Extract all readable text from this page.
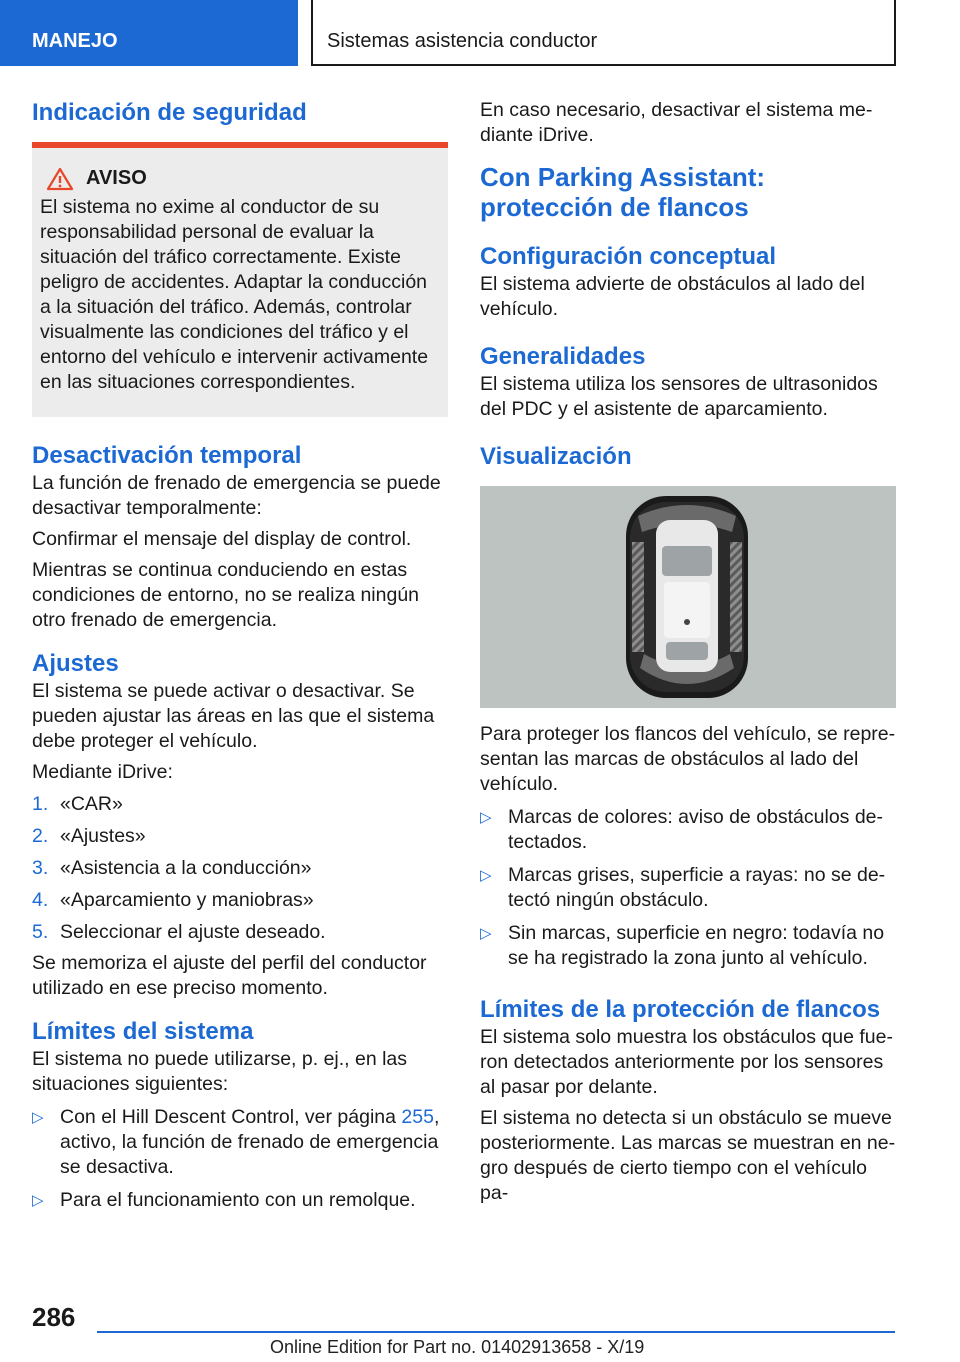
MANEJO	Sistemas asistencia conductor
Indicación de seguridad
AVISO

El sistema no exime al conductor de su responsabilidad personal de evaluar la situación del tráfico correctamente. Existe peligro de accidentes. Adaptar la conducción a la situación del tráfico. Además, controlar visualmente las condiciones del tráfico y el entorno del vehículo e intervenir activamente en las situaciones correspondientes.

Desactivación temporal

La función de frenado de emergencia se puede desactivar temporalmente:

Confirmar el mensaje del display de control.

Mientras se continua conduciendo en estas condiciones de entorno, no se realiza ningún otro frenado de emergencia.

Ajustes

El sistema se puede activar o desactivar. Se pueden ajustar las áreas en las que el sistema debe proteger el vehículo.

Mediante iDrive:

1. «CAR»
2. «Ajustes»
3. «Asistencia a la conducción»
4. «Aparcamiento y maniobras»
5. Seleccionar el ajuste deseado.

Se memoriza el ajuste del perfil del conductor utilizado en ese preciso momento.

Límites del sistema

El sistema no puede utilizarse, p. ej., en las situaciones siguientes:

▷ Con el Hill Descent Control, ver página 255, activo, la función de frenado de emergencia se desactiva.
▷ Para el funcionamiento con un remolque.

En caso necesario, desactivar el sistema mediante iDrive.

Con Parking Assistant: protección de flancos
Configuración conceptual

El sistema advierte de obstáculos al lado del vehículo.

Generalidades

El sistema utiliza los sensores de ultrasonidos del PDC y el asistente de aparcamiento.

Visualización

Para proteger los flancos del vehículo, se representan las marcas de obstáculos al lado del vehículo.

▷ Marcas de colores: aviso de obstáculos detectados.
▷ Marcas grises, superficie a rayas: no se detectó ningún obstáculo.
▷ Sin marcas, superficie en negro: todavía no se ha registrado la zona junto al vehículo.
Límites de la protección de flancos

El sistema solo muestra los obstáculos que fueron detectados anteriormente por los sensores al pasar por delante.

El sistema no detecta si un obstáculo se mueve posteriormente. Las marcas se muestran en negro después de cierto tiempo con el vehículo pa-

286
Online Edition for Part no. 01402913658 - X/19
